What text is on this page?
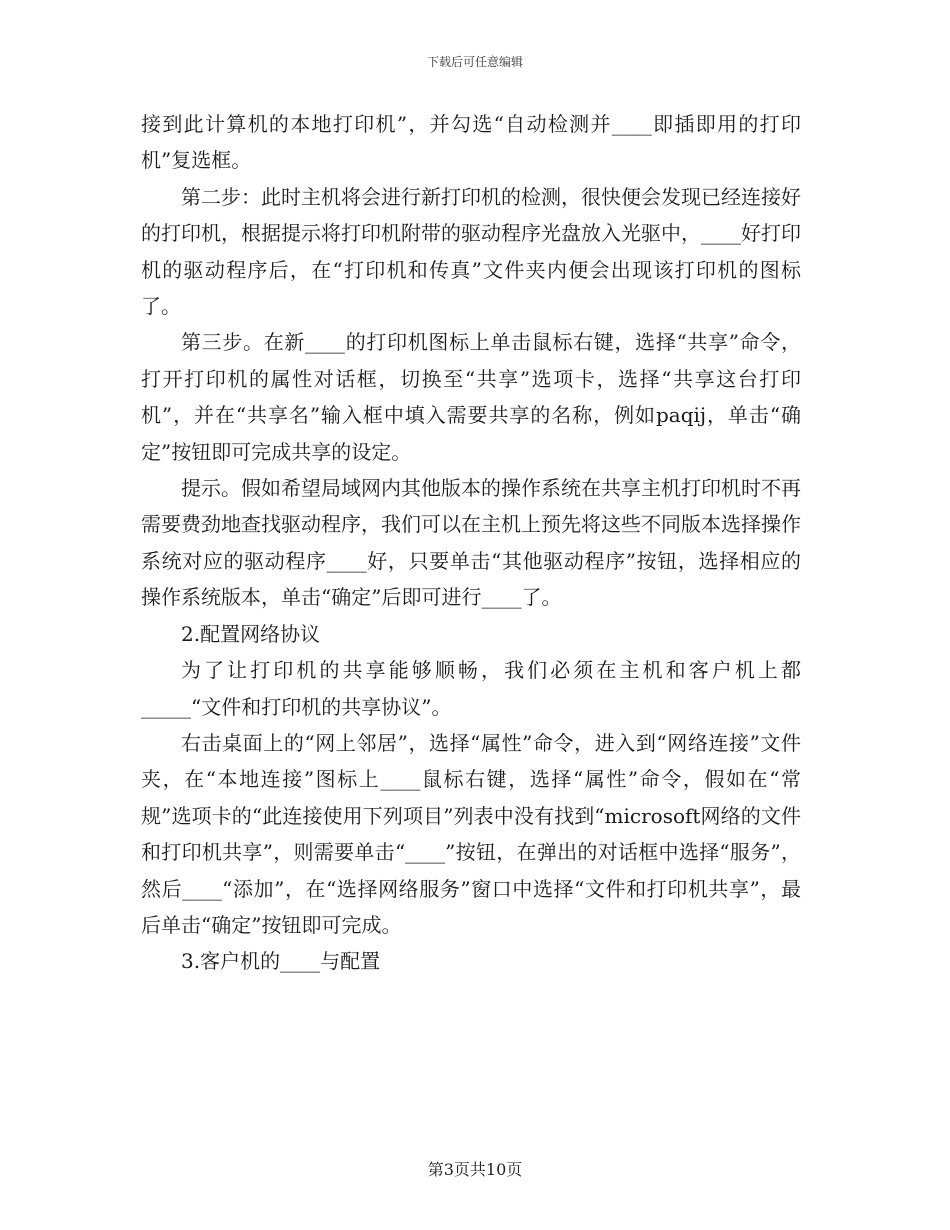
下载后可任意编辑

接到此计算机的本地打印机”，并勾选“自动检测并____即插即用的打印机”复选框。

第二步：此时主机将会进行新打印机的检测，很快便会发现已经连接好的打印机，根据提示将打印机附带的驱动程序光盘放入光驱中，____好打印机的驱动程序后，在“打印机和传真”文件夹内便会出现该打印机的图标了。

第三步。在新____的打印机图标上单击鼠标右键，选择“共享”命令，打开打印机的属性对话框，切换至“共享”选项卡，选择“共享这台打印机”，并在“共享名”输入框中填入需要共享的名称，例如paqij，单击“确定”按钮即可完成共享的设定。

提示。假如希望局域网内其他版本的操作系统在共享主机打印机时不再需要费劲地查找驱动程序，我们可以在主机上预先将这些不同版本选择操作系统对应的驱动程序____好，只要单击“其他驱动程序”按钮，选择相应的操作系统版本，单击“确定”后即可进行____了。

2.配置网络协议

为了让打印机的共享能够顺畅，我们必须在主机和客户机上都_____“文件和打印机的共享协议”。

右击桌面上的“网上邻居”，选择“属性”命令，进入到“网络连接”文件夹，在“本地连接”图标上____鼠标右键，选择“属性”命令，假如在“常规”选项卡的“此连接使用下列项目”列表中没有找到“microsoft网络的文件和打印机共享”，则需要单击“____”按钮，在弹出的对话框中选择“服务”，然后____“添加”，在“选择网络服务”窗口中选择“文件和打印机共享”，最后单击“确定”按钮即可完成。

3.客户机的____与配置

第3页共10页
